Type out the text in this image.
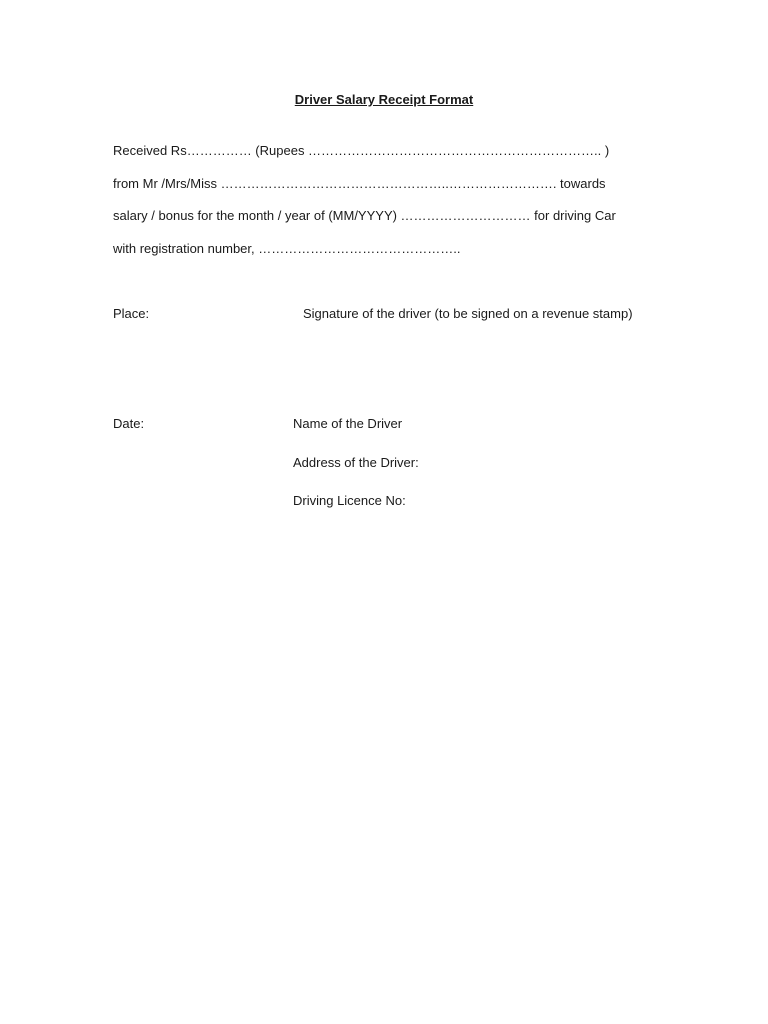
Driver Salary Receipt Format
Received Rs…………… (Rupees ………………………………………………………….. )
from Mr /Mrs/Miss ……………………………………………..……………………. towards
salary / bonus for the month / year of (MM/YYYY) ………………………… for driving Car
with registration number, ………………………………………..
Place:	Signature of the driver (to be signed on a revenue stamp)
Date:	Name of the Driver
Address of the Driver:
Driving Licence No:
